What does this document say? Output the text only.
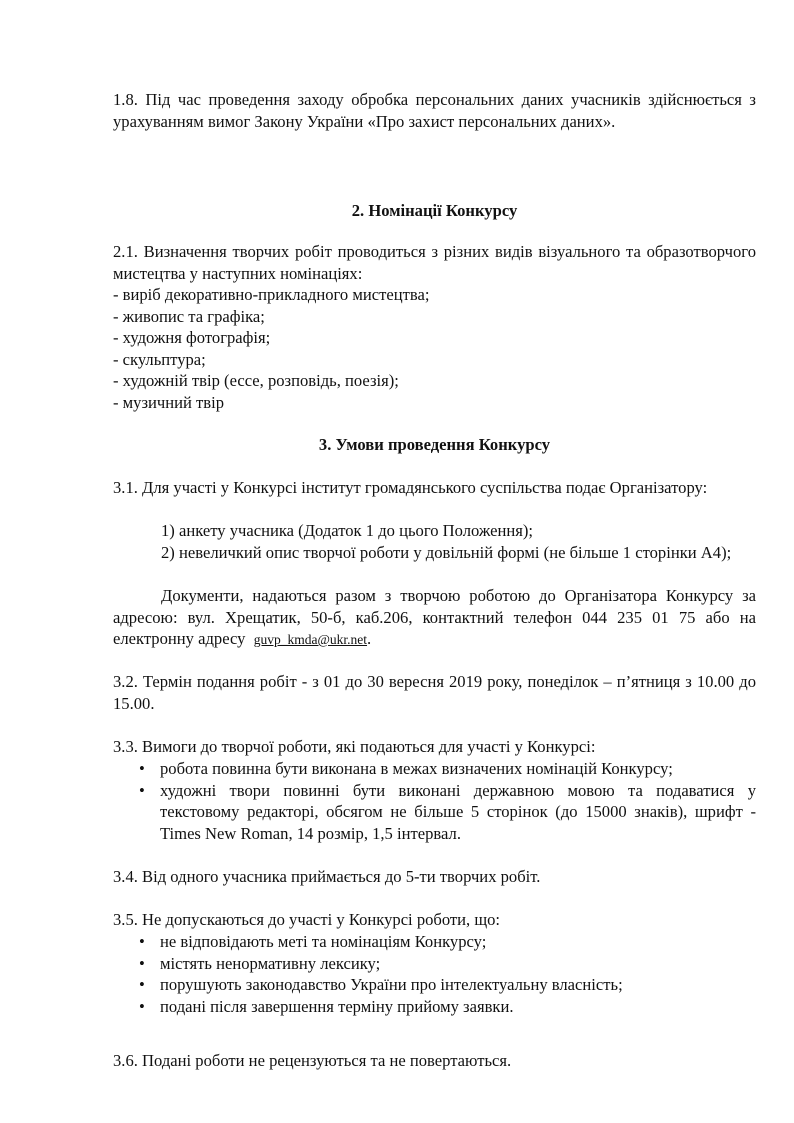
1.8. Під час проведення заходу обробка персональних даних учасників здійснюється з урахуванням вимог Закону України «Про захист персональних даних».
2. Номінації Конкурсу
2.1. Визначення творчих робіт проводиться з різних видів візуального та образотворчого мистецтва у наступних номінаціях:
- виріб декоративно-прикладного мистецтва;
- живопис та графіка;
- художня фотографія;
- скульптура;
- художній твір (ессе, розповідь, поезія);
- музичний твір
3. Умови проведення Конкурсу
3.1. Для участі у Конкурсі інститут громадянського суспільства подає Організатору:
1) анкету учасника (Додаток 1 до цього Положення);
2) невеличкий опис творчої роботи у довільній формі (не більше 1 сторінки А4);
Документи, надаються разом з творчою роботою до Організатора Конкурсу за адресою: вул. Хрещатик, 50-б, каб.206, контактний телефон 044 235 01 75 або на електронну адресу guvp_kmda@ukr.net.
3.2. Термін подання робіт - з 01 до 30 вересня 2019 року, понеділок – п’ятниця з 10.00 до 15.00.
3.3. Вимоги до творчої роботи, які подаються для участі у Конкурсі:
• робота повинна бути виконана в межах визначених номінацій Конкурсу;
• художні твори повинні бути виконані державною мовою та подаватися у текстовому редакторі, обсягом не більше 5 сторінок (до 15000 знаків), шрифт - Times New Roman, 14 розмір, 1,5 інтервал.
3.4. Від одного учасника приймається до 5-ти творчих робіт.
3.5. Не допускаються до участі у Конкурсі роботи, що:
• не відповідають меті та номінаціям Конкурсу;
• містять ненормативну лексику;
• порушують законодавство України про інтелектуальну власність;
• подані після завершення терміну прийому заявки.
3.6. Подані роботи не рецензуються та не повертаються.
